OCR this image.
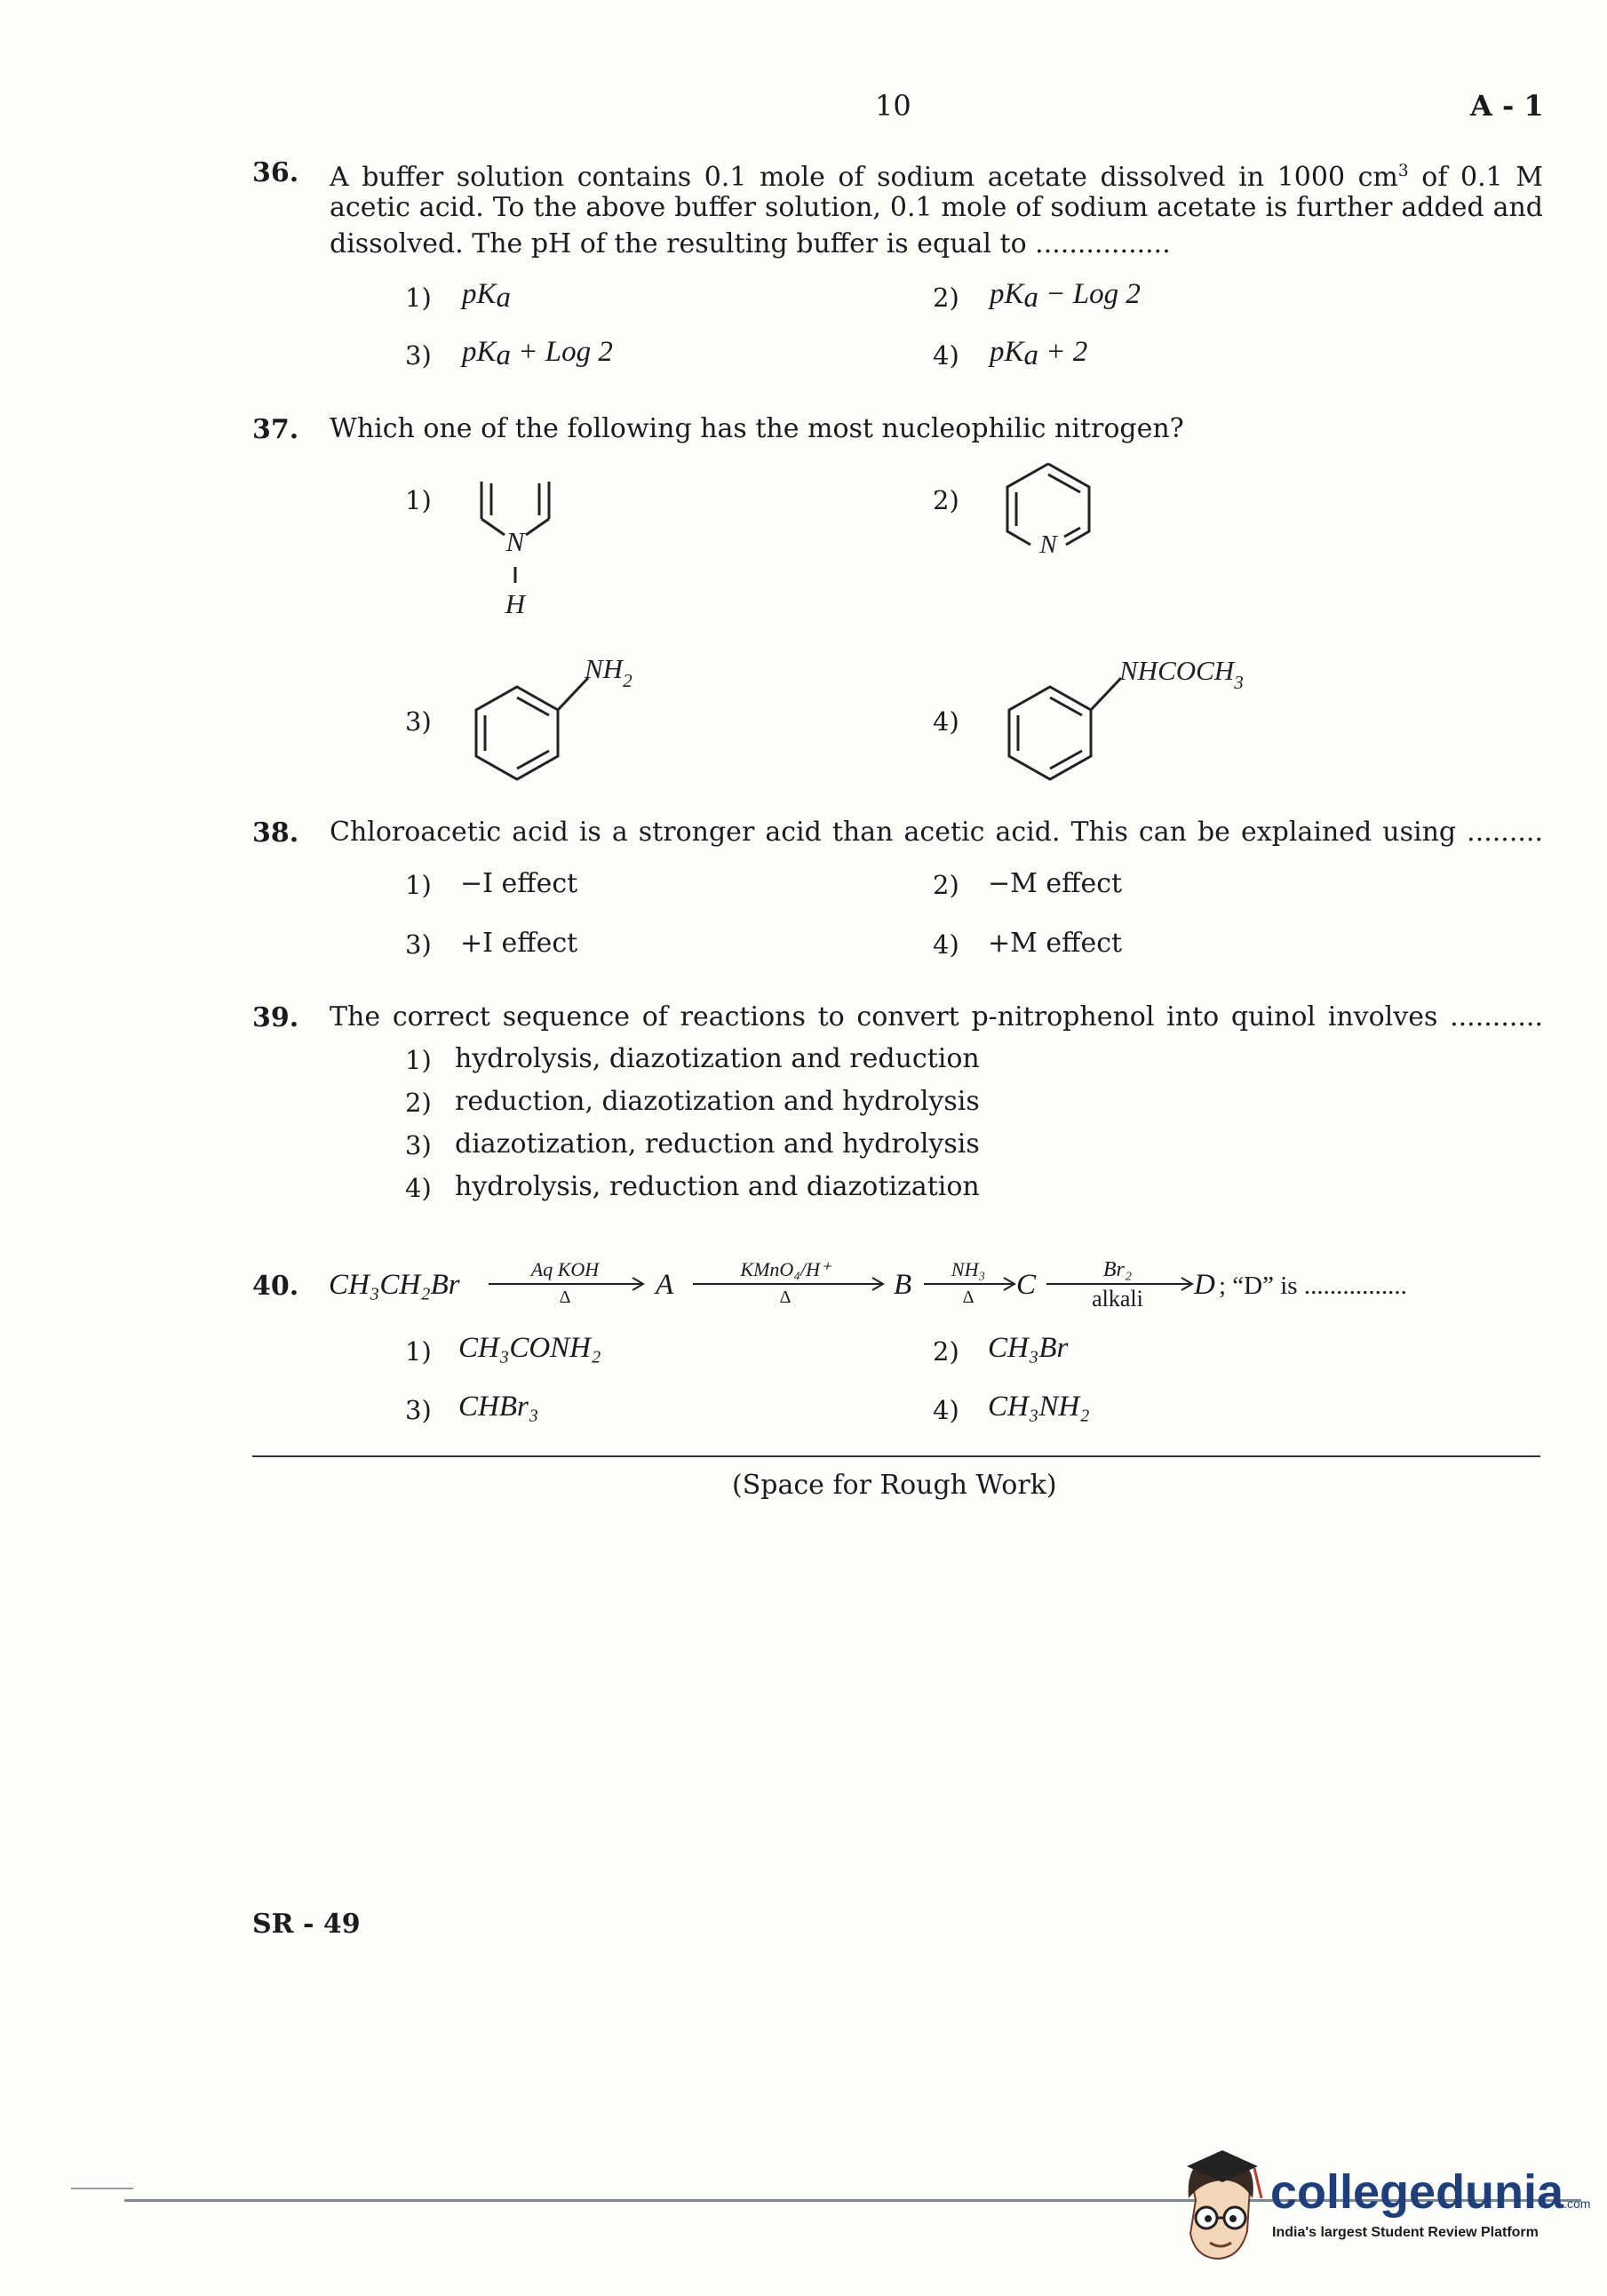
10	A - 1
36. A buffer solution contains 0.1 mole of sodium acetate dissolved in 1000 $cm^3$ of 0.1 M
acetic acid. To the above buffer solution, 0.1 mole of sodium acetate is further added and
dissolved. The pH of the resulting buffer is equal to ................
1) $pK_a$	2) $pK_a$ − Log 2
3) $pK_a$ + Log 2	4) $pK_a + 2$
37. Which one of the following has the most nucleophilic nitrogen?
1)
N
H
2)
N
3)
$NH_2$
4)
$NHCOCH_3$
38. Chloroacetic acid is a stronger acid than acetic acid. This can be explained using .........
1) −I effect	2) −M effect
3) +I effect	4) +M effect
39. The correct sequence of reactions to convert p-nitrophenol into quinol involves ...........
1) hydrolysis, diazotization and reduction
2) reduction, diazotization and hydrolysis
3) diazotization, reduction and hydrolysis
4) hydrolysis, reduction and diazotization
40. CH₃CH₂Br	Aq KOH
Δ	A	KMnO₄/H⁺
Δ	B NH₃
Δ C	Br₂
alkali D ; “D” is ................
1) CH₃CONH₂	2) CH₃Br
3) CHBr₃	4) CH₃NH₂
(Space for Rough Work)
SR - 49
collegedunia.com
India's largest Student Review Platform
